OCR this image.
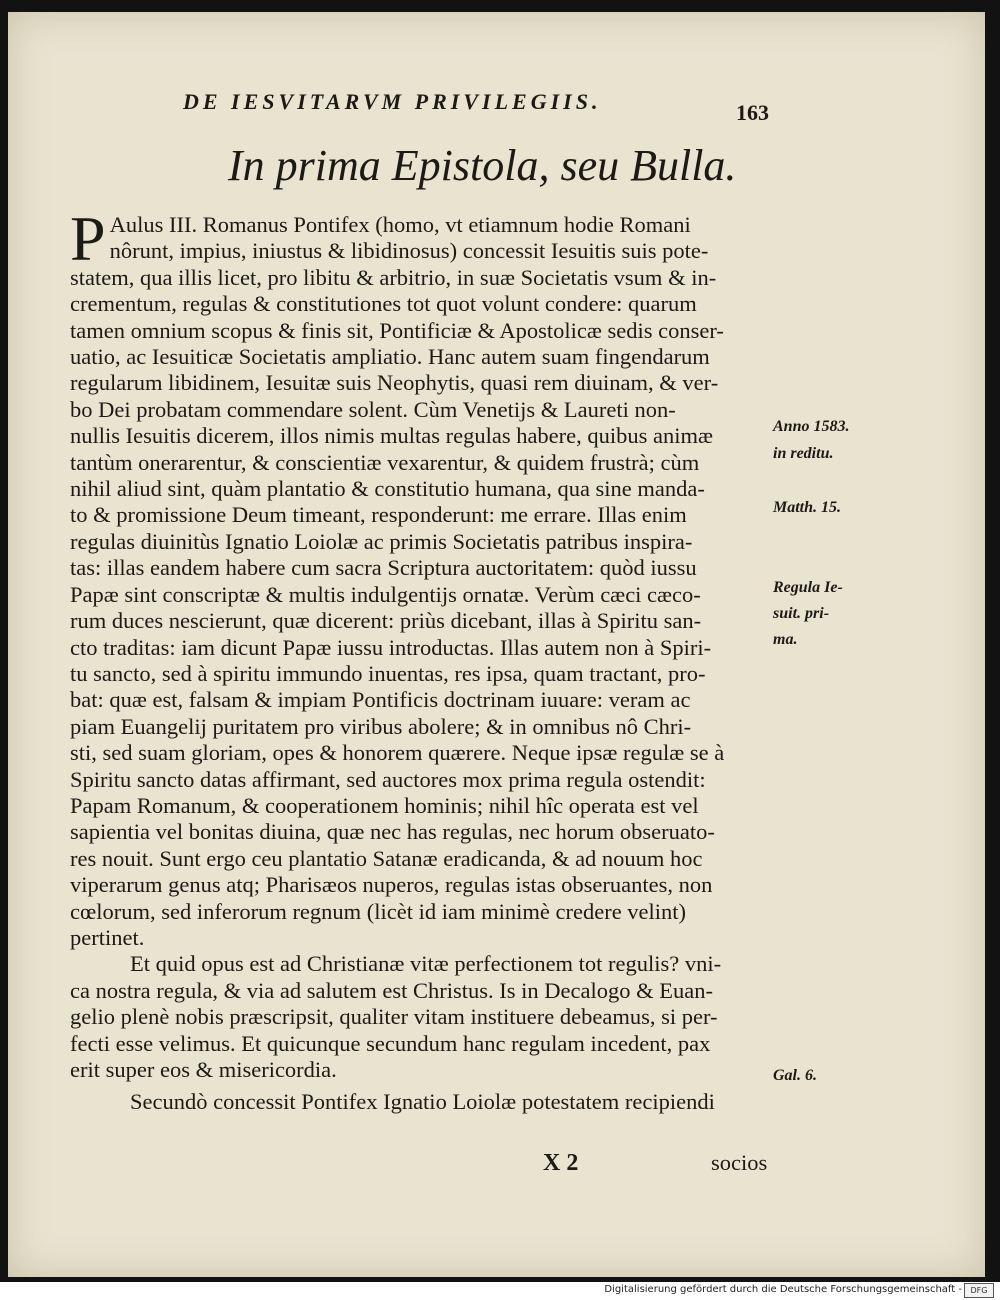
DE IESVITARVM PRIVILEGIIS.	163
In prima Epistola, seu Bulla.
P Aulus III. Romanus Pontifex (homo, vt etiamnum hodie Romani
nôrunt, impius, iniustus & libidinosus) concessit Iesuitis suis pote-
statem, qua illis licet, pro libitu & arbitrio, in suæ Societatis vsum & in-
crementum, regulas & constitutiones tot quot volunt condere: quarum
tamen omnium scopus & finis sit, Pontificiæ & Apostolicæ sedis conser-
uatio, ac Iesuiticæ Societatis ampliatio. Hanc autem suam fingendarum
regularum libidinem, Iesuitæ suis Neophytis, quasi rem diuinam, & ver-
bo Dei probatam commendare solent. Cùm Venetijs & Laureti non-
nullis Iesuitis dicerem, illos nimis multas regulas habere, quibus animæ
tantùm onerarentur, & conscientiæ vexarentur, & quidem frustrà; cùm
nihil aliud sint, quàm plantatio & constitutio humana, qua sine manda-
to & promissione Deum timeant, responderunt: me errare. Illas enim
regulas diuinitùs Ignatio Loiolæ ac primis Societatis patribus inspira-
tas: illas eandem habere cum sacra Scriptura auctoritatem: quòd iussu
Papæ sint conscriptæ & multis indulgentijs ornatæ. Verùm cæci cæco-
rum duces nescierunt, quæ dicerent: priùs dicebant, illas à Spiritu san-
cto traditas: iam dicunt Papæ iussu introductas. Illas autem non à Spiri-
tu sancto, sed à spiritu immundo inuentas, res ipsa, quam tractant, pro-
bat: quæ est, falsam & impiam Pontificis doctrinam iuuare: veram ac
piam Euangelij puritatem pro viribus abolere; & in omnibus nô Chri-
sti, sed suam gloriam, opes & honorem quærere. Neque ipsæ regulæ se à
Spiritu sancto datas affirmant, sed auctores mox prima regula ostendit:
Papam Romanum, & cooperationem hominis; nihil hîc operata est vel
sapientia vel bonitas diuina, quæ nec has regulas, nec horum obseruato-
res nouit. Sunt ergo ceu plantatio Satanæ eradicanda, & ad nouum hoc
viperarum genus atq; Pharisæos nuperos, regulas istas obseruantes, non
cœlorum, sed inferorum regnum (licèt id iam minimè credere velint)
pertinet.
Et quid opus est ad Christianæ vitæ perfectionem tot regulis? vni-
ca nostra regula, & via ad salutem est Christus. Is in Decalogo & Euan-
gelio plenè nobis præscripsit, qualiter vitam instituere debeamus, si per-
fecti esse velimus. Et quicunque secundum hanc regulam incedent, pax
erit super eos & misericordia.
Secundò concessit Pontifex Ignatio Loiolæ potestatem recipiendi
Anno 1583.
in reditu.
Matth. 15.
Regula Ie-
suit. pri-
ma.
Gal. 6.
X 2	socios
Digitalisierung gefördert durch die Deutsche Forschungsgemeinschaft -	DFG
